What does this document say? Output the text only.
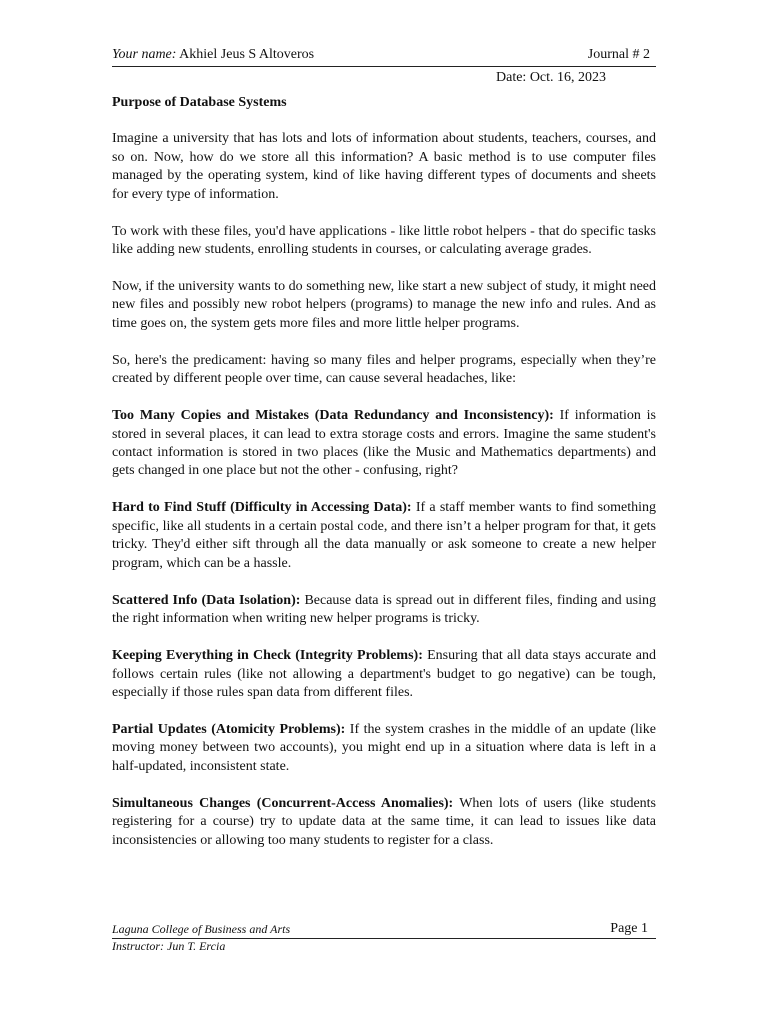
Your name: Akhiel Jeus S Altoveros	Journal # 2
Date: Oct. 16, 2023
Purpose of Database Systems

Imagine a university that has lots and lots of information about students, teachers, courses, and so on. Now, how do we store all this information? A basic method is to use computer files managed by the operating system, kind of like having different types of documents and sheets for every type of information.

To work with these files, you'd have applications - like little robot helpers - that do specific tasks like adding new students, enrolling students in courses, or calculating average grades.

Now, if the university wants to do something new, like start a new subject of study, it might need new files and possibly new robot helpers (programs) to manage the new info and rules. And as time goes on, the system gets more files and more little helper programs.

So, here's the predicament: having so many files and helper programs, especially when they’re created by different people over time, can cause several headaches, like:

Too Many Copies and Mistakes (Data Redundancy and Inconsistency): If information is stored in several places, it can lead to extra storage costs and errors. Imagine the same student's contact information is stored in two places (like the Music and Mathematics departments) and gets changed in one place but not the other - confusing, right?

Hard to Find Stuff (Difficulty in Accessing Data): If a staff member wants to find something specific, like all students in a certain postal code, and there isn’t a helper program for that, it gets tricky. They'd either sift through all the data manually or ask someone to create a new helper program, which can be a hassle.

Scattered Info (Data Isolation): Because data is spread out in different files, finding and using the right information when writing new helper programs is tricky.

Keeping Everything in Check (Integrity Problems): Ensuring that all data stays accurate and follows certain rules (like not allowing a department's budget to go negative) can be tough, especially if those rules span data from different files.

Partial Updates (Atomicity Problems): If the system crashes in the middle of an update (like moving money between two accounts), you might end up in a situation where data is left in a half-updated, inconsistent state.

Simultaneous Changes (Concurrent-Access Anomalies): When lots of users (like students registering for a course) try to update data at the same time, it can lead to issues like data inconsistencies or allowing too many students to register for a class.

Laguna College of Business and Arts	Page 1
Instructor: Jun T. Ercia
